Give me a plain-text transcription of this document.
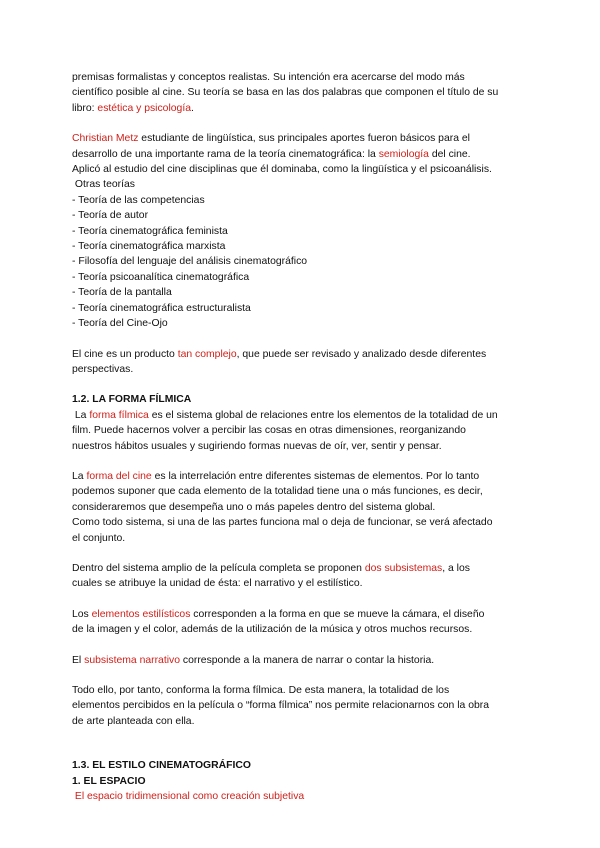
premisas formalistas y conceptos realistas. Su intención era acercarse del modo más
científico posible al cine. Su teoría se basa en las dos palabras que componen el título de su
libro: estética y psicología.
Christian Metz estudiante de lingüística, sus principales aportes fueron básicos para el
desarrollo de una importante rama de la teoría cinematográfica: la semiología del cine.
Aplicó al estudio del cine disciplinas que él dominaba, como la lingüística y el psicoanálisis.
Otras teorías
- Teoría de las competencias
- Teoría de autor
- Teoría cinematográfica feminista
- Teoría cinematográfica marxista
- Filosofía del lenguaje del análisis cinematográfico
- Teoría psicoanalítica cinematográfica
- Teoría de la pantalla
- Teoría cinematográfica estructuralista
- Teoría del Cine-Ojo
El cine es un producto tan complejo, que puede ser revisado y analizado desde diferentes
perspectivas.
1.2. LA FORMA FÍLMICA
La forma fílmica es el sistema global de relaciones entre los elementos de la totalidad de un
film. Puede hacernos volver a percibir las cosas en otras dimensiones, reorganizando
nuestros hábitos usuales y sugiriendo formas nuevas de oír, ver, sentir y pensar.
La forma del cine es la interrelación entre diferentes sistemas de elementos. Por lo tanto
podemos suponer que cada elemento de la totalidad tiene una o más funciones, es decir,
consideraremos que desempeña uno o más papeles dentro del sistema global.
Como todo sistema, si una de las partes funciona mal o deja de funcionar, se verá afectado
el conjunto.
Dentro del sistema amplio de la película completa se proponen dos subsistemas, a los
cuales se atribuye la unidad de ésta: el narrativo y el estilístico.
Los elementos estilísticos corresponden a la forma en que se mueve la cámara, el diseño
de la imagen y el color, además de la utilización de la música y otros muchos recursos.
El subsistema narrativo corresponde a la manera de narrar o contar la historia.
Todo ello, por tanto, conforma la forma fílmica. De esta manera, la totalidad de los
elementos percibidos en la película o “forma fílmica” nos permite relacionarnos con la obra
de arte planteada con ella.
1.3. EL ESTILO CINEMATOGRÁFICO
1. EL ESPACIO
El espacio tridimensional como creación subjetiva
